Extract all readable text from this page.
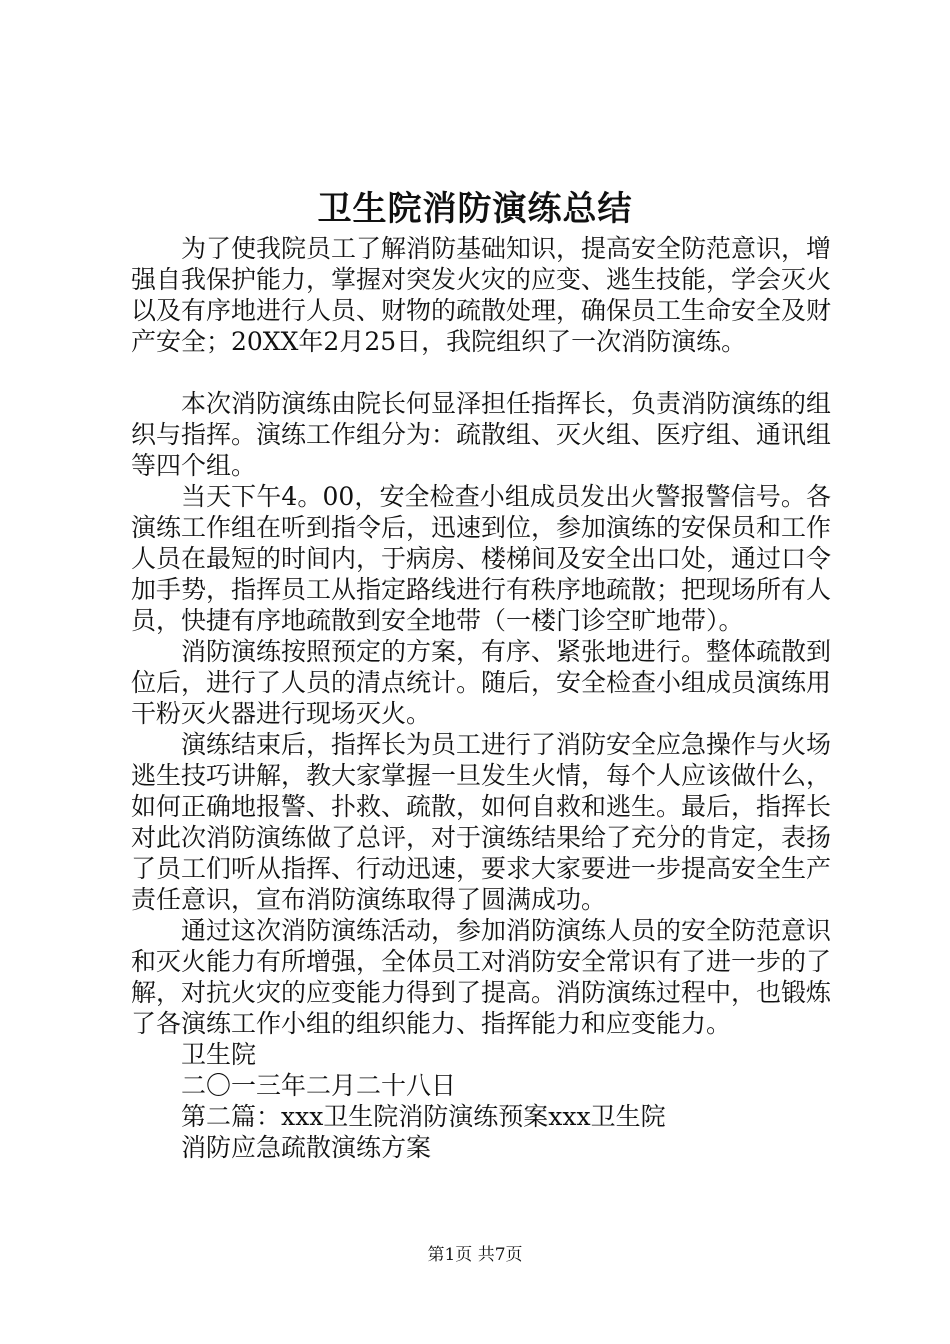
卫生院消防演练总结

为了使我院员工了解消防基础知识，提高安全防范意识，增强自我保护能力，掌握对突发火灾的应变、逃生技能，学会灭火以及有序地进行人员、财物的疏散处理，确保员工生命安全及财产安全；20XX年2月25日，我院组织了一次消防演练。

本次消防演练由院长何显泽担任指挥长，负责消防演练的组织与指挥。演练工作组分为：疏散组、灭火组、医疗组、通讯组等四个组。

当天下午4。00，安全检查小组成员发出火警报警信号。各演练工作组在听到指令后，迅速到位，参加演练的安保员和工作人员在最短的时间内，于病房、楼梯间及安全出口处，通过口令加手势，指挥员工从指定路线进行有秩序地疏散；把现场所有人员，快捷有序地疏散到安全地带（一楼门诊空旷地带）。

消防演练按照预定的方案，有序、紧张地进行。整体疏散到位后，进行了人员的清点统计。随后，安全检查小组成员演练用干粉灭火器进行现场灭火。

演练结束后，指挥长为员工进行了消防安全应急操作与火场逃生技巧讲解，教大家掌握一旦发生火情，每个人应该做什么，如何正确地报警、扑救、疏散，如何自救和逃生。最后，指挥长对此次消防演练做了总评，对于演练结果给了充分的肯定，表扬了员工们听从指挥、行动迅速，要求大家要进一步提高安全生产责任意识，宣布消防演练取得了圆满成功。

通过这次消防演练活动，参加消防演练人员的安全防范意识和灭火能力有所增强，全体员工对消防安全常识有了进一步的了解，对抗火灾的应变能力得到了提高。消防演练过程中，也锻炼了各演练工作小组的组织能力、指挥能力和应变能力。

卫生院

二〇一三年二月二十八日

第二篇：xxx卫生院消防演练预案xxx卫生院

消防应急疏散演练方案

第1页 共7页
